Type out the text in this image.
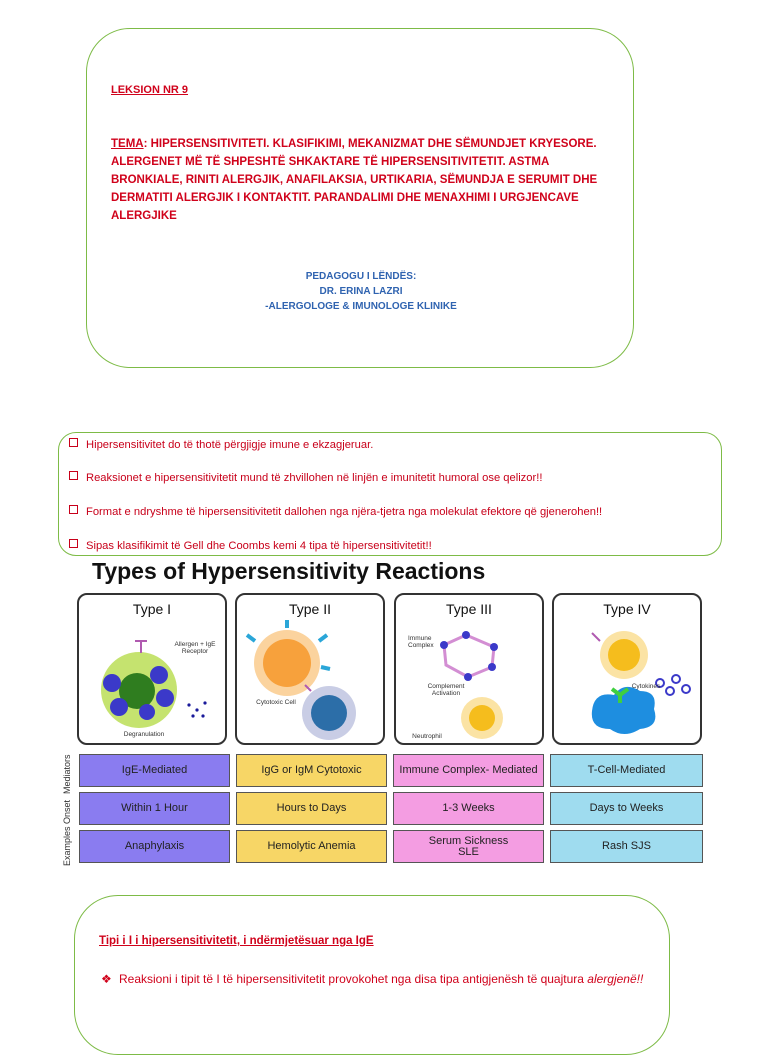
LEKSION NR 9
TEMA: HIPERSENSITIVITETI. KLASIFIKIMI, MEKANIZMAT DHE SËMUNDJET KRYESORE. ALERGENET MË TË SHPESHTË SHKAKTARE TË HIPERSENSITIVITETIT. ASTMA BRONKIALE, RINITI ALERGJIK, ANAFILAKSIA, URTIKARIA, SËMUNDJA E SERUMIT DHE DERMATITI ALERGJIK I KONTAKTIT. PARANDALIMI DHE MENAXHIMI I URGJENCAVE ALERGJIKE
PEDAGOGU I LËNDËS:
DR. ERINA LAZRI
-ALERGOLOGE & IMUNOLOGE KLINIKE
Hipersensitivitet do të thotë përgjigje imune e ekzagjeruar.
Reaksionet e hipersensitivitetit mund të zhvillohen në linjën e imunitetit humoral ose qelizor!!
Format e ndryshme të hipersensitivitetit dallohen nga njëra-tjetra nga molekulat efektore që gjenerohen!!
Sipas klasifikimit të Gell dhe Coombs kemi 4 tipa të hipersensitivitetit!!
Types of Hypersensitivity Reactions
Type I
Allergen + IgE Receptor
Degranulation
Type II
Cytotoxic Cell
Type III
Immune Complex
Complement Activation
Neutrophil
Type IV
Cytokines
Mediators
Onset
Examples
IgE-Mediated	IgG or IgM Cytotoxic	Immune Complex- Mediated	T-Cell-Mediated
Within 1 Hour	Hours to Days	1-3 Weeks	Days to Weeks
Anaphylaxis	Hemolytic Anemia	Serum Sickness SLE	Rash SJS
Tipi i I i hipersensitivitetit, i ndërmjetësuar nga IgE
❖ Reaksioni i tipit të I të hipersensitivitetit provokohet nga disa tipa antigjenësh të quajtura alergjenë!!
